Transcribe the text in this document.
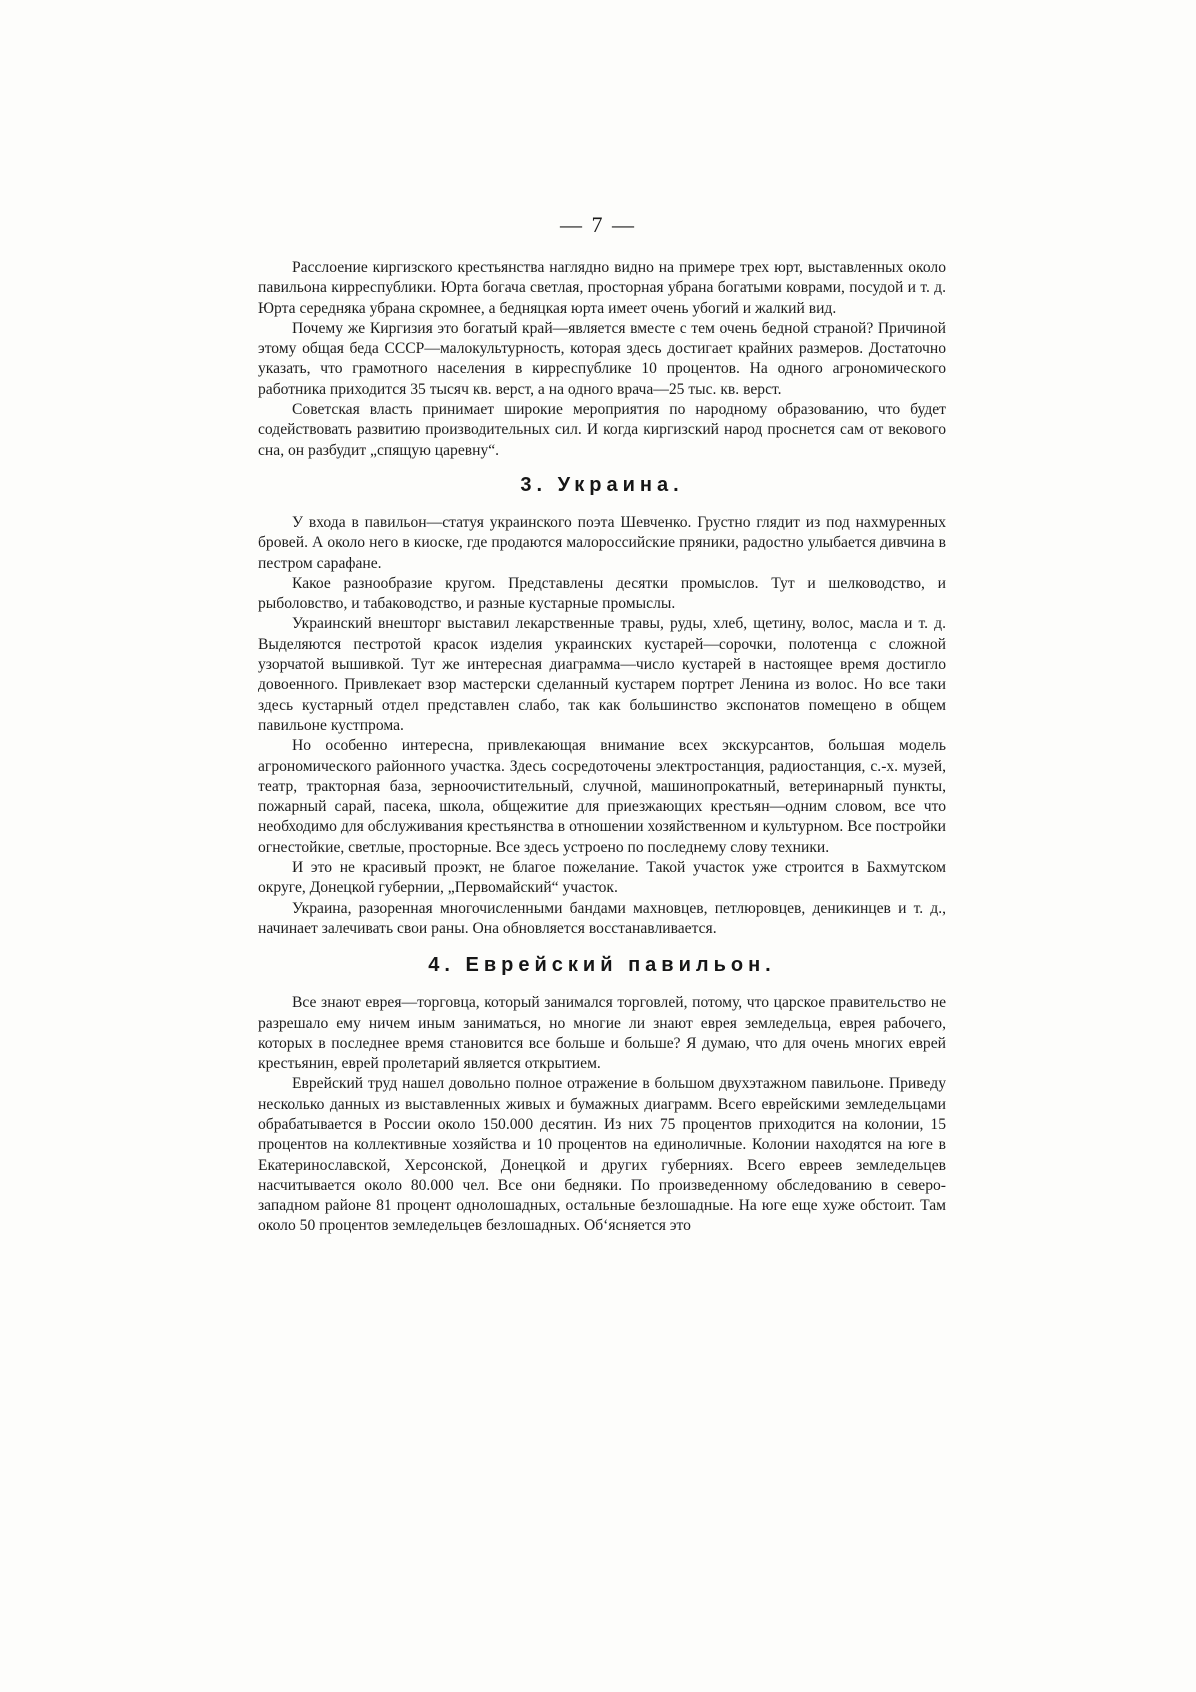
— 7 —

Расслоение киргизского крестьянства наглядно видно на примере трех юрт, выставленных около павильона кирреспублики. Юрта богача светлая, просторная убрана богатыми коврами, посудой и т. д. Юрта середняка убрана скромнее, а бедняцкая юрта имеет очень убогий и жалкий вид.

Почему же Киргизия это богатый край—является вместе с тем очень бедной страной? Причиной этому общая беда СССР—малокультурность, которая здесь достигает крайних размеров. Достаточно указать, что грамотного населения в кирреспублике 10 процентов. На одного агрономического работника приходится 35 тысяч кв. верст, а на одного врача—25 тыс. кв. верст.

Советская власть принимает широкие мероприятия по народному образованию, что будет содействовать развитию производительных сил. И когда киргизский народ проснется сам от векового сна, он разбудит „спящую царевну“.

3. Украина.

У входа в павильон—статуя украинского поэта Шевченко. Грустно глядит из под нахмуренных бровей. А около него в киоске, где продаются малороссийские пряники, радостно улыбается дивчина в пестром сарафане.

Какое разнообразие кругом. Представлены десятки промыслов. Тут и шелководство, и рыболовство, и табаководство, и разные кустарные промыслы.

Украинский внешторг выставил лекарственные травы, руды, хлеб, щетину, волос, масла и т. д. Выделяются пестротой красок изделия украинских кустарей—сорочки, полотенца с сложной узорчатой вышивкой. Тут же интересная диаграмма—число кустарей в настоящее время достигло довоенного. Привлекает взор мастерски сделанный кустарем портрет Ленина из волос. Но все таки здесь кустарный отдел представлен слабо, так как большинство экспонатов помещено в общем павильоне кустпрома.

Но особенно интересна, привлекающая внимание всех экскурсантов, большая модель агрономического районного участка. Здесь сосредоточены электростанция, радиостанция, с.-х. музей, театр, тракторная база, зерноочистительный, случной, машинопрокатный, ветеринарный пункты, пожарный сарай, пасека, школа, общежитие для приезжающих крестьян—одним словом, все что необходимо для обслуживания крестьянства в отношении хозяйственном и культурном. Все постройки огнестойкие, светлые, просторные. Все здесь устроено по последнему слову техники.

И это не красивый проэкт, не благое пожелание. Такой участок уже строится в Бахмутском округе, Донецкой губернии, „Первомайский“ участок.

Украина, разоренная многочисленными бандами махновцев, петлюровцев, деникинцев и т. д., начинает залечивать свои раны. Она обновляется восстанавливается.

4. Еврейский павильон.

Все знают еврея—торговца, который занимался торговлей, потому, что царское правительство не разрешало ему ничем иным заниматься, но многие ли знают еврея земледельца, еврея рабочего, которых в последнее время становится все больше и больше? Я думаю, что для очень многих еврей крестьянин, еврей пролетарий является открытием.

Еврейский труд нашел довольно полное отражение в большом двухэтажном павильоне. Приведу несколько данных из выставленных живых и бумажных диаграмм. Всего еврейскими земледельцами обрабатывается в России около 150.000 десятин. Из них 75 процентов приходится на колонии, 15 процентов на коллективные хозяйства и 10 процентов на единоличные. Колонии находятся на юге в Екатеринославской, Херсонской, Донецкой и других губерниях. Всего евреев земледельцев насчитывается около 80.000 чел. Все они бедняки. По произведенному обследованию в северо-западном районе 81 процент однолошадных, остальные безлошадные. На юге еще хуже обстоит. Там около 50 процентов земледельцев безлошадных. Об‘ясняется это
